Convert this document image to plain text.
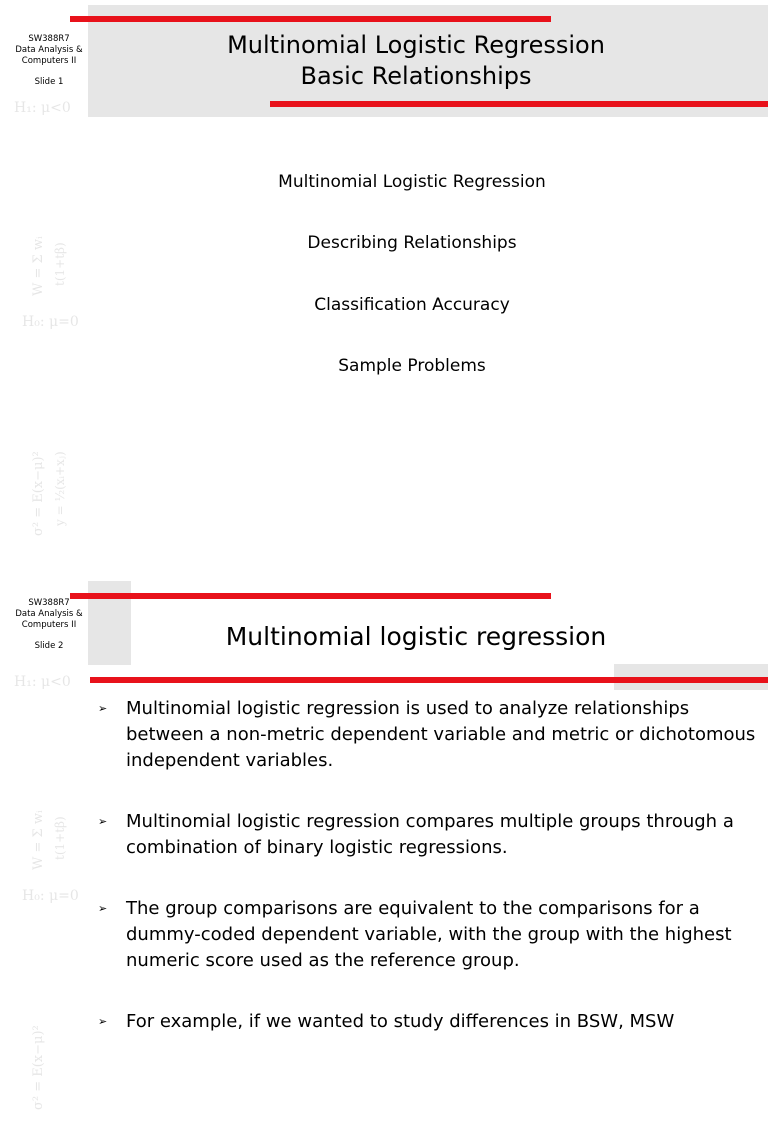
SW388R7
Data Analysis &
Computers II
Slide 1
H₁: μ<0
H₀: μ=0
W = Σ wᵢ t(1+tβ)
σ² = E(x−μ)² y = ½(xᵢ+xⱼ)
Multinomial Logistic Regression
Basic Relationships
Multinomial Logistic Regression
Describing Relationships
Classification Accuracy
Sample Problems
SW388R7
Data Analysis &
Computers II
Slide 2
H₁: μ<0
H₀: μ=0
W = Σ wᵢ t(1+tβ)
σ² = E(x−μ)²
Multinomial logistic regression
➢ Multinomial logistic regression is used to analyze relationships between a non-metric dependent variable and metric or dichotomous independent variables.
➢ Multinomial logistic regression compares multiple groups through a combination of binary logistic regressions.
➢ The group comparisons are equivalent to the comparisons for a dummy-coded dependent variable, with the group with the highest numeric score used as the reference group.
➢ For example, if we wanted to study differences in BSW, MSW
